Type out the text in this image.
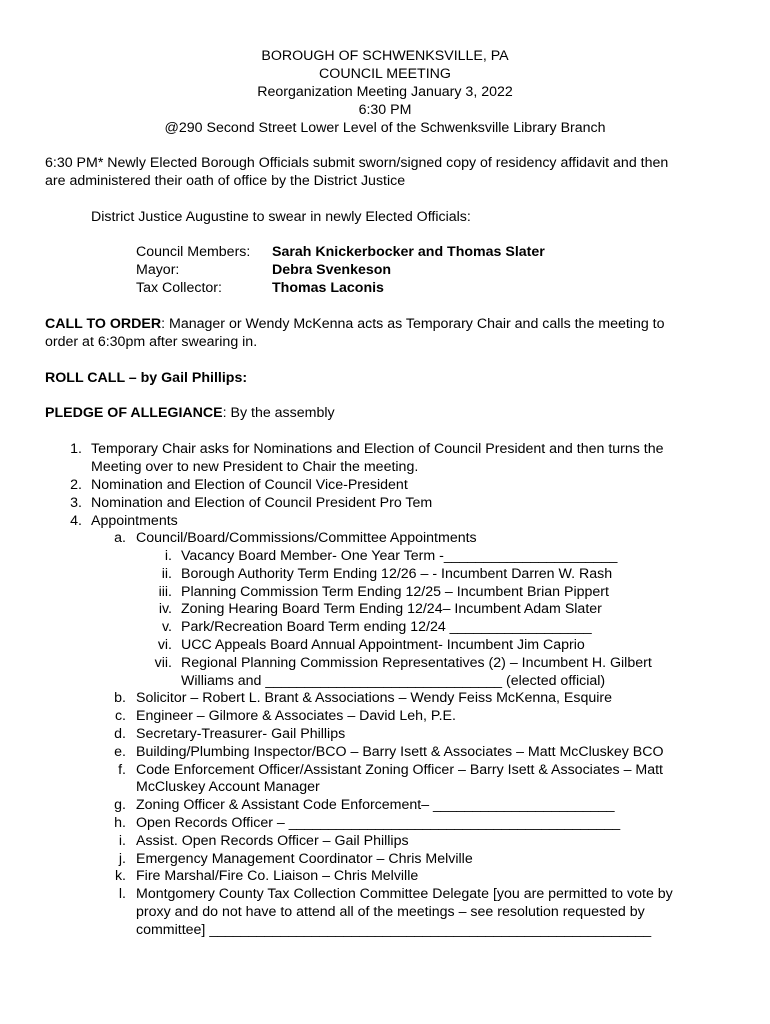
BOROUGH OF SCHWENKSVILLE, PA
COUNCIL MEETING
Reorganization Meeting January 3, 2022
6:30 PM
@290 Second Street Lower Level of the Schwenksville Library Branch
6:30 PM* Newly Elected Borough Officials submit sworn/signed copy of residency affidavit and then
are administered their oath of office by the District Justice
District Justice Augustine to swear in newly Elected Officials:
Council Members: Sarah Knickerbocker and Thomas Slater
Mayor:	Debra Svenkeson
Tax Collector:	Thomas Laconis
CALL TO ORDER: Manager or Wendy McKenna acts as Temporary Chair and calls the meeting to
order at 6:30pm after swearing in.
ROLL CALL – by Gail Phillips:
PLEDGE OF ALLEGIANCE: By the assembly
1. Temporary Chair asks for Nominations and Election of Council President and then turns the
Meeting over to new President to Chair the meeting.
2. Nomination and Election of Council Vice-President
3. Nomination and Election of Council President Pro Tem
4. Appointments
a. Council/Board/Commissions/Committee Appointments
i. Vacancy Board Member- One Year Term -______________________
ii. Borough Authority Term Ending 12/26 – - Incumbent Darren W. Rash
iii. Planning Commission Term Ending 12/25 – Incumbent Brian Pippert
iv. Zoning Hearing Board Term Ending 12/24– Incumbent Adam Slater
v. Park/Recreation Board Term ending 12/24 __________________
vi. UCC Appeals Board Annual Appointment- Incumbent Jim Caprio
vii. Regional Planning Commission Representatives (2) – Incumbent H. Gilbert
Williams and ______________________________ (elected official)
b. Solicitor – Robert L. Brant & Associations – Wendy Feiss McKenna, Esquire
c. Engineer – Gilmore & Associates – David Leh, P.E.
d. Secretary-Treasurer- Gail Phillips
e. Building/Plumbing Inspector/BCO – Barry Isett & Associates – Matt McCluskey BCO
f. Code Enforcement Officer/Assistant Zoning Officer – Barry Isett & Associates – Matt
McCluskey Account Manager
g. Zoning Officer & Assistant Code Enforcement– _______________________
h. Open Records Officer – __________________________________________
i. Assist. Open Records Officer – Gail Phillips
j. Emergency Management Coordinator – Chris Melville
k. Fire Marshal/Fire Co. Liaison – Chris Melville
l. Montgomery County Tax Collection Committee Delegate [you are permitted to vote by
proxy and do not have to attend all of the meetings – see resolution requested by
committee] ________________________________________________________
